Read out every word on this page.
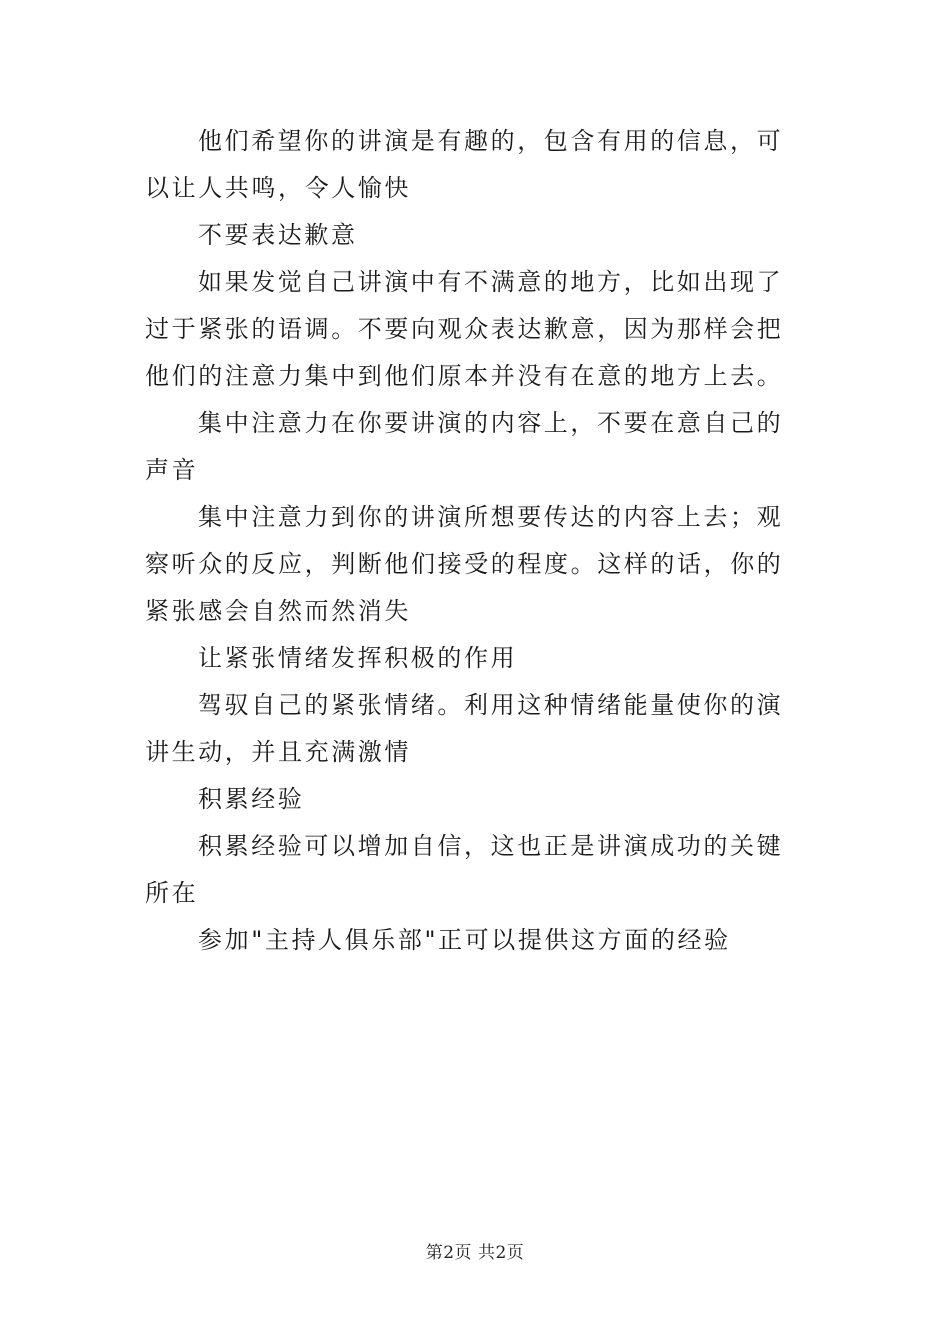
他们希望你的讲演是有趣的，包含有用的信息，可以让人共鸣，令人愉快

不要表达歉意

如果发觉自己讲演中有不满意的地方，比如出现了过于紧张的语调。不要向观众表达歉意，因为那样会把他们的注意力集中到他们原本并没有在意的地方上去。

集中注意力在你要讲演的内容上，不要在意自己的声音

集中注意力到你的讲演所想要传达的内容上去；观察听众的反应，判断他们接受的程度。这样的话，你的紧张感会自然而然消失

让紧张情绪发挥积极的作用

驾驭自己的紧张情绪。利用这种情绪能量使你的演讲生动，并且充满激情

积累经验

积累经验可以增加自信，这也正是讲演成功的关键所在

参加"主持人俱乐部"正可以提供这方面的经验

第2页 共2页
